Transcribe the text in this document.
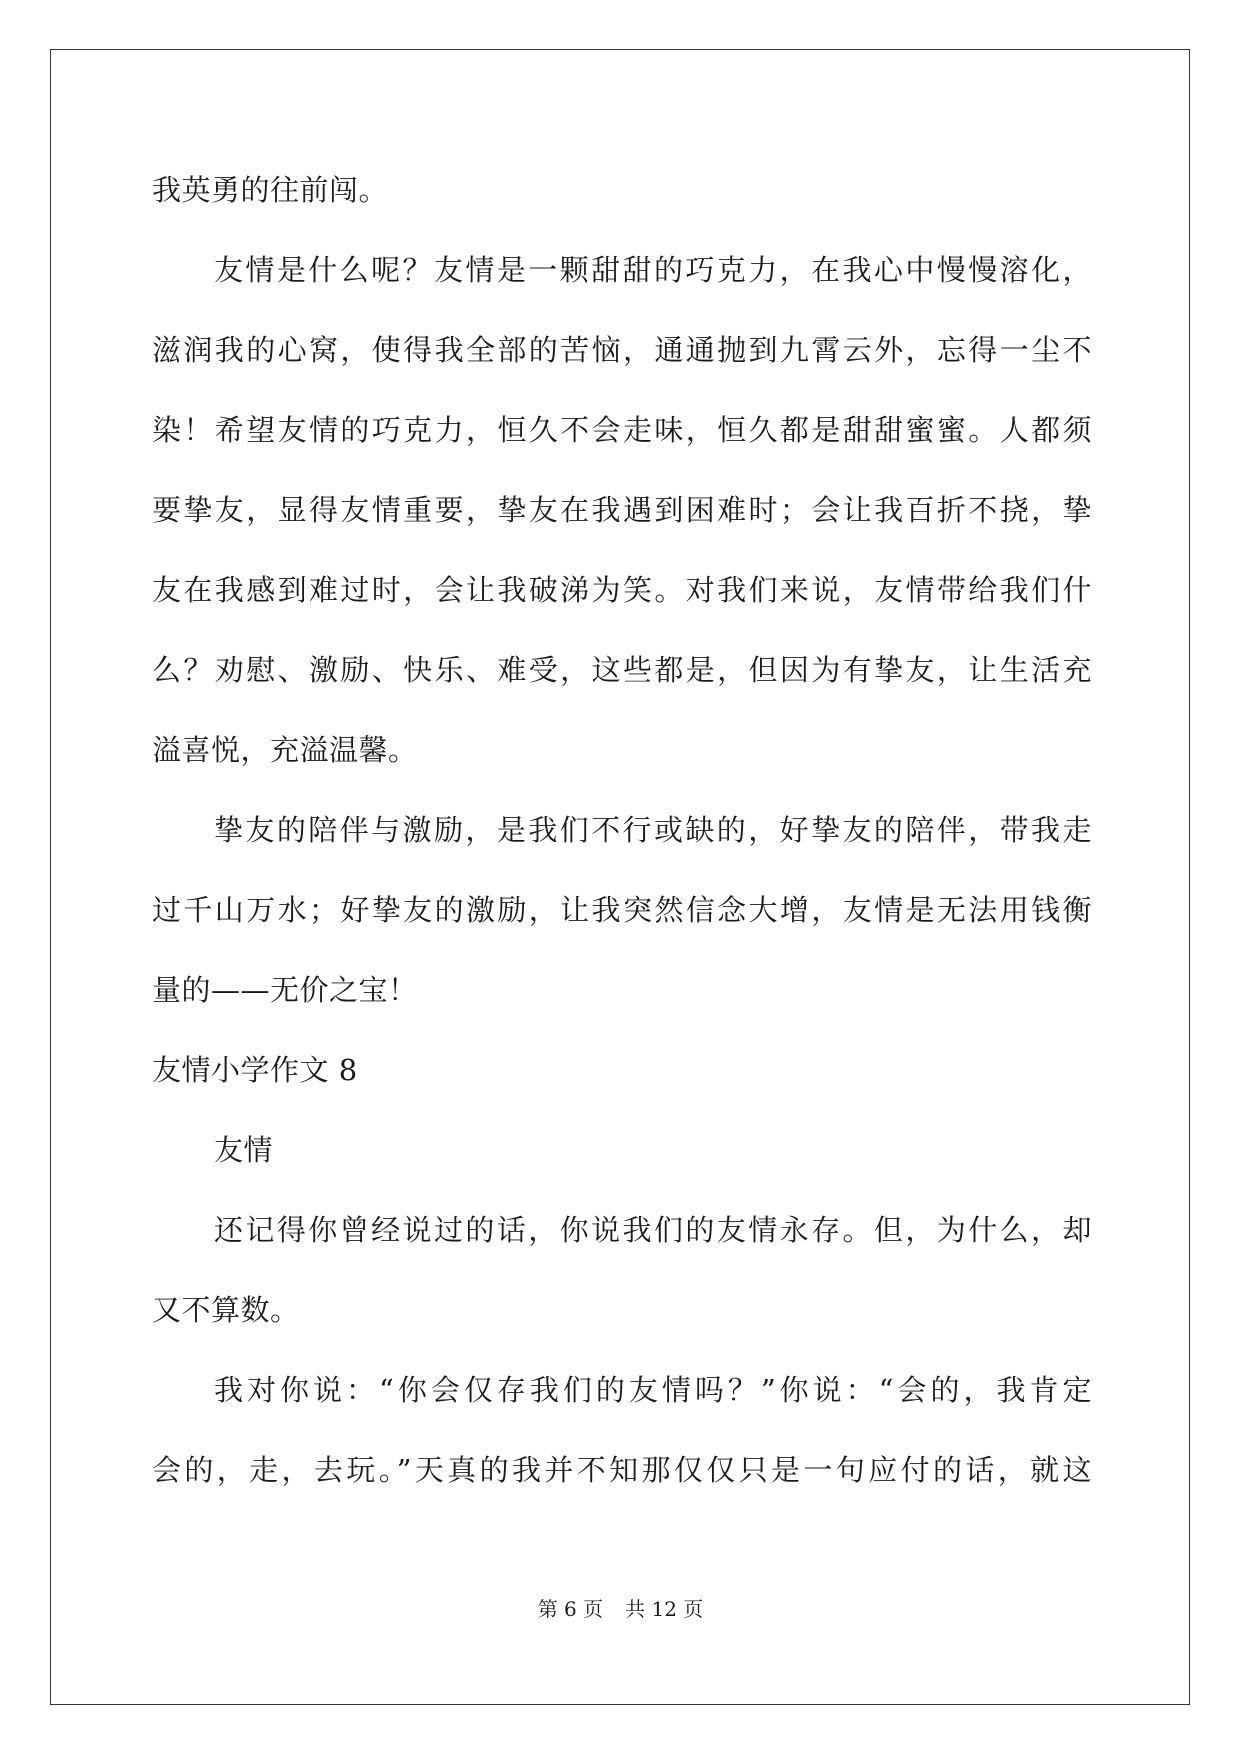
我英勇的往前闯。
友情是什么呢？友情是一颗甜甜的巧克力，在我心中慢慢溶化，
滋润我的心窝，使得我全部的苦恼，通通抛到九霄云外，忘得一尘不
染！希望友情的巧克力，恒久不会走味，恒久都是甜甜蜜蜜。人都须
要挚友，显得友情重要，挚友在我遇到困难时；会让我百折不挠，挚
友在我感到难过时，会让我破涕为笑。对我们来说，友情带给我们什
么？劝慰、激励、快乐、难受，这些都是，但因为有挚友，让生活充
溢喜悦，充溢温馨。
挚友的陪伴与激励，是我们不行或缺的，好挚友的陪伴，带我走
过千山万水；好挚友的激励，让我突然信念大增，友情是无法用钱衡
量的——无价之宝！
友情小学作文 8
友情
还记得你曾经说过的话，你说我们的友情永存。但，为什么，却
又不算数。
我对你说：“你会仅存我们的友情吗？”你说：“会的，我肯定
会的，走，去玩。”天真的我并不知那仅仅只是一句应付的话，就这
第 6 页 共 12 页
